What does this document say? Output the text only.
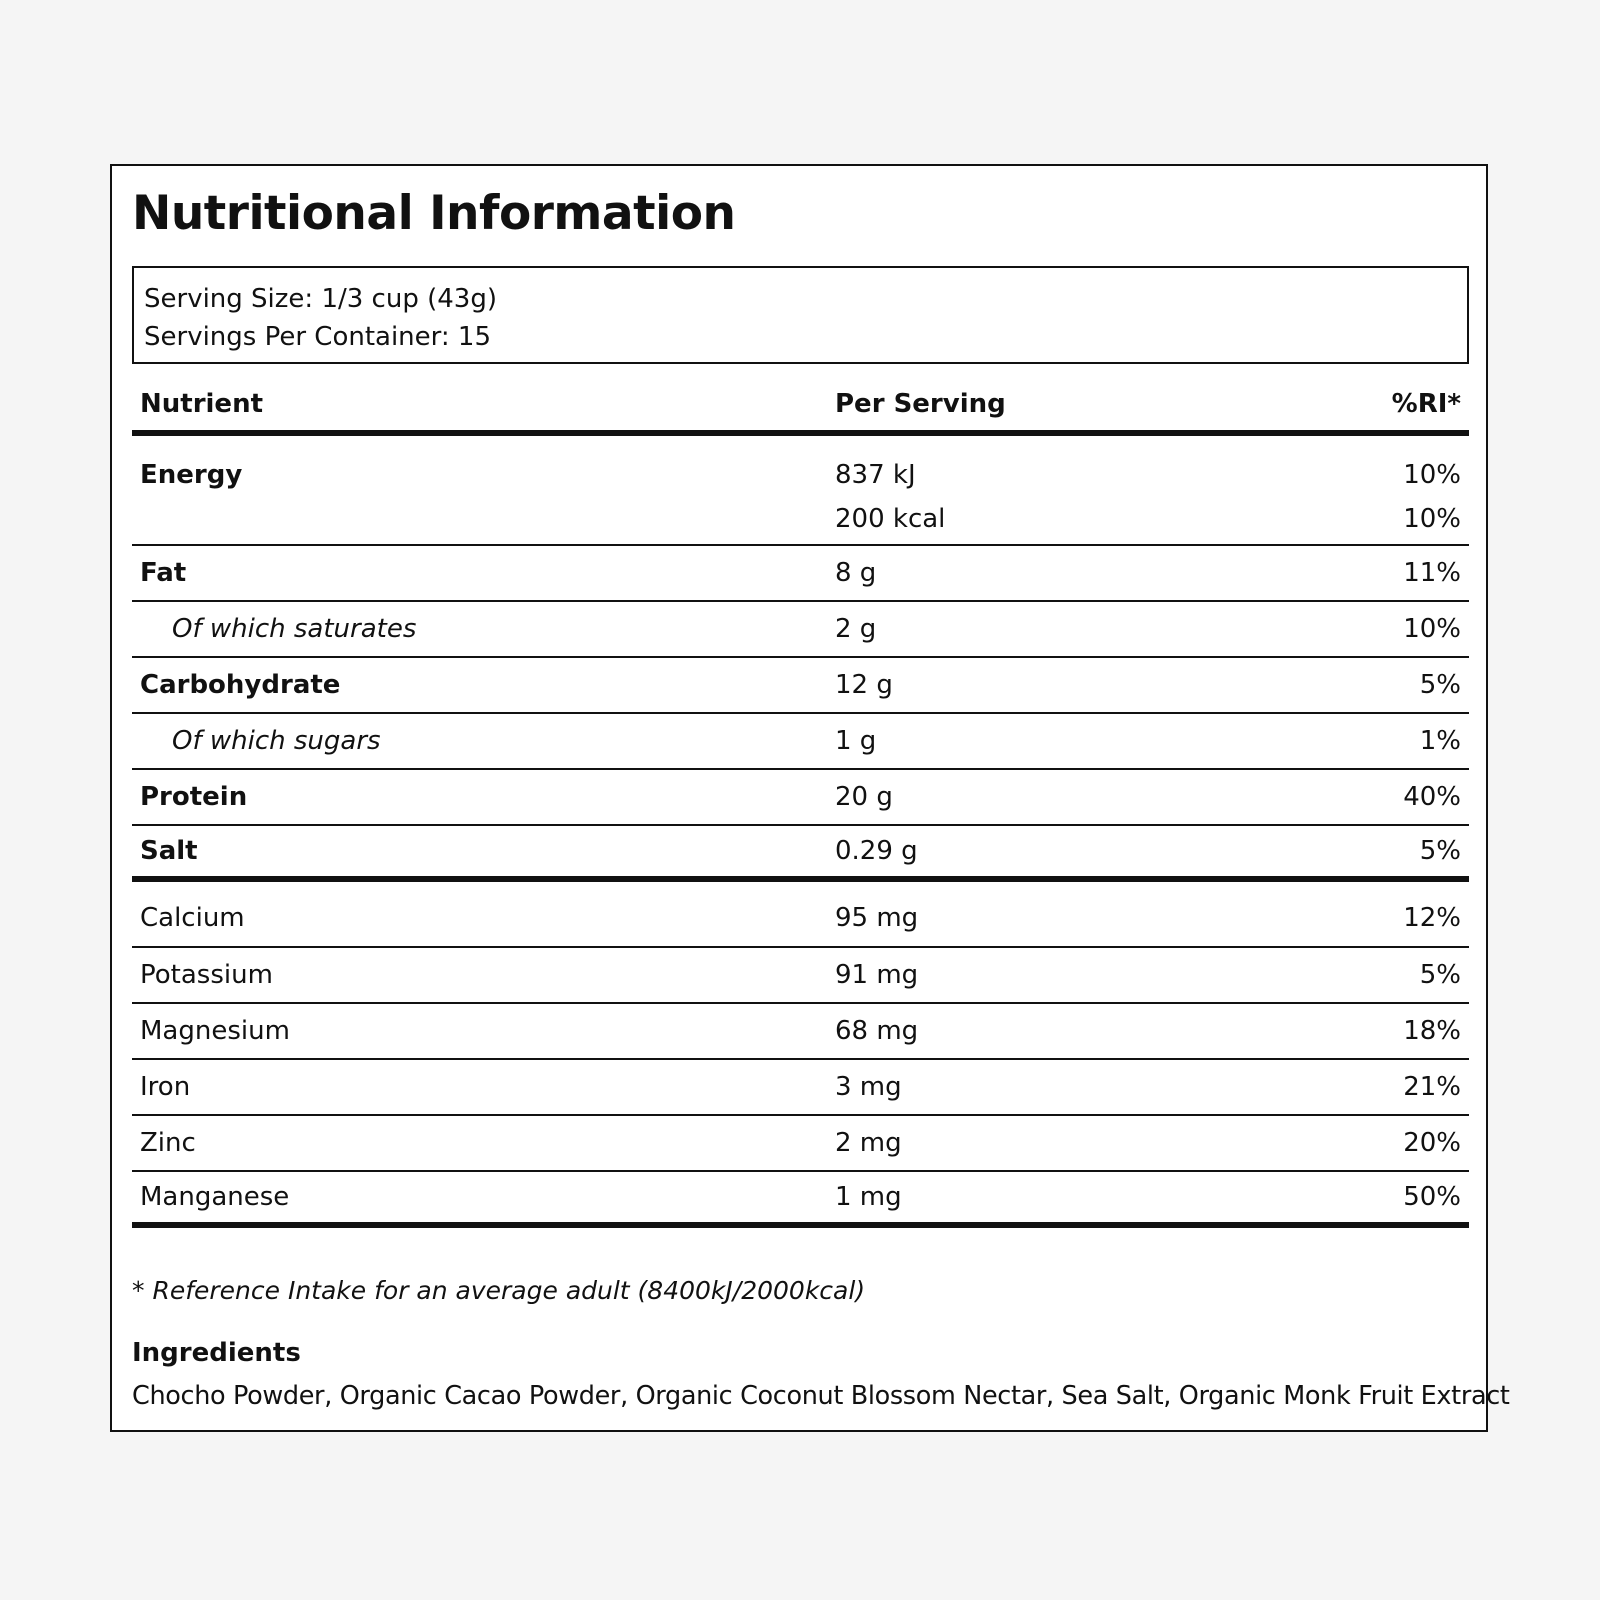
Nutritional Information
Serving Size: 1/3 cup (43g)
Servings Per Container: 15
Nutrient	Per Serving	%RI*
Energy	837 kJ	10%
200 kcal	10%
Fat	8 g	11%
Of which saturates	2 g	10%
Carbohydrate	12 g	5%
Of which sugars	1 g	1%
Protein	20 g	40%
Salt	0.29 g	5%
Calcium	95 mg	12%
Potassium	91 mg	5%
Magnesium	68 mg	18%
Iron	3 mg	21%
Zinc	2 mg	20%
Manganese	1 mg	50%
* Reference Intake for an average adult (8400kJ/2000kcal)
Ingredients
Chocho Powder, Organic Cacao Powder, Organic Coconut Blossom Nectar, Sea Salt, Organic Monk Fruit Extract
